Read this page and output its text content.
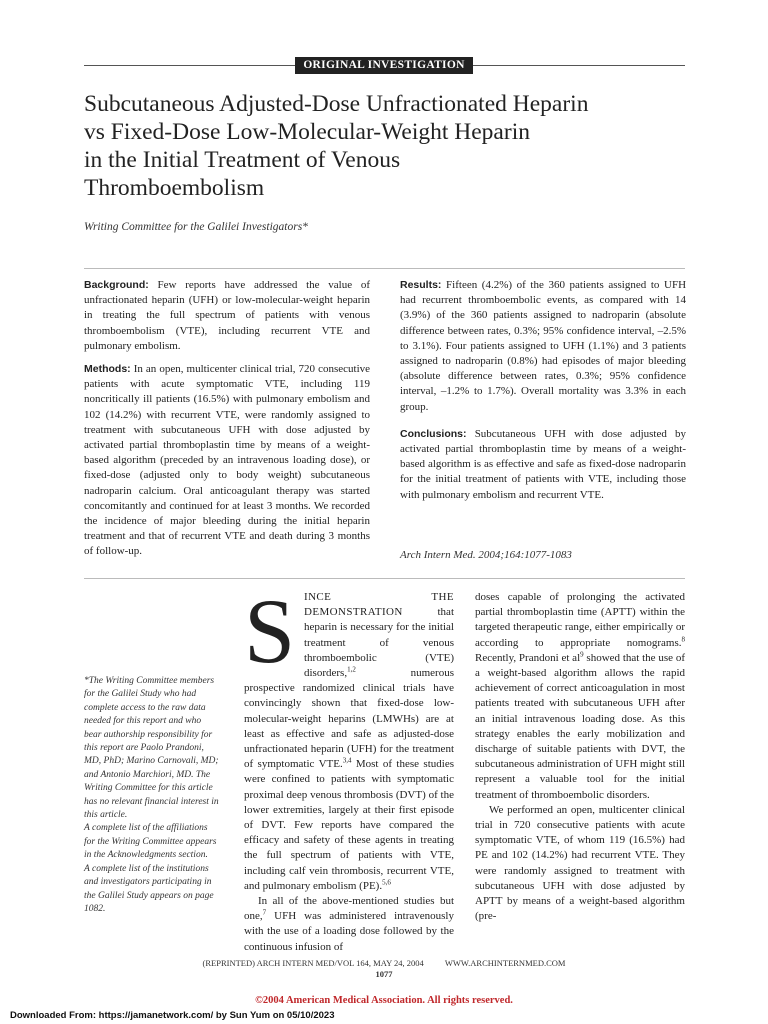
ORIGINAL INVESTIGATION
Subcutaneous Adjusted-Dose Unfractionated Heparin
vs Fixed-Dose Low-Molecular-Weight Heparin
in the Initial Treatment of Venous
Thromboembolism
Writing Committee for the Galilei Investigators*

Background: Few reports have addressed the value of unfractionated heparin (UFH) or low-molecular-weight heparin in treating the full spectrum of patients with venous thromboembolism (VTE), including recurrent VTE and pulmonary embolism.

Methods: In an open, multicenter clinical trial, 720 consecutive patients with acute symptomatic VTE, including 119 noncritically ill patients (16.5%) with pulmonary embolism and 102 (14.2%) with recurrent VTE, were randomly assigned to treatment with subcutaneous UFH with dose adjusted by activated partial thromboplastin time by means of a weight-based algorithm (preceded by an intravenous loading dose), or fixed-dose (adjusted only to body weight) subcutaneous nadroparin calcium. Oral anticoagulant therapy was started concomitantly and continued for at least 3 months. We recorded the incidence of major bleeding during the initial heparin treatment and that of recurrent VTE and death during 3 months of follow-up.

Results: Fifteen (4.2%) of the 360 patients assigned to UFH had recurrent thromboembolic events, as compared with 14 (3.9%) of the 360 patients assigned to nadroparin (absolute difference between rates, 0.3%; 95% confidence interval, –2.5% to 3.1%). Four patients assigned to UFH (1.1%) and 3 patients assigned to nadroparin (0.8%) had episodes of major bleeding (absolute difference between rates, 0.3%; 95% confidence interval, –1.2% to 1.7%). Overall mortality was 3.3% in each group.

Conclusions: Subcutaneous UFH with dose adjusted by activated partial thromboplastin time by means of a weight-based algorithm is as effective and safe as fixed-dose nadroparin for the initial treatment of patients with VTE, including those with pulmonary embolism and recurrent VTE.

Arch Intern Med. 2004;164:1077-1083
S INCE THE DEMONSTRATION	that heparin is necessary for the initial treatment of venous thromboembolic (VTE) disorders,$^{1,2}$ numerous prospective randomized clinical trials have convincingly shown that fixed-dose low-molecular-weight heparins (LMWHs) are at least as effective and safe as adjusted-dose unfractionated heparin (UFH) for the treatment of symptomatic VTE.$^{3,4}$ Most of these studies were confined to patients with symptomatic proximal deep venous thrombosis (DVT) of the lower extremities, largely at their first episode of DVT. Few reports have compared the efficacy and safety of these agents in treating the full spectrum of patients with VTE, including calf vein thrombosis, recurrent VTE, and pulmonary embolism (PE).$^{5,6}$

In all of the above-mentioned studies but one,$^7$ UFH was administered intravenously with the use of a loading dose followed by the continuous infusion of

doses capable of prolonging the activated partial thromboplastin time (APTT) within the targeted therapeutic range, either empirically or according to appropriate nomograms.$^8$ Recently, Prandoni et $al^9$ showed that the use of a weight-based algorithm allows the rapid achievement of correct anticoagulation in most patients treated with subcutaneous UFH after an initial intravenous loading dose. As this strategy enables the early mobilization and discharge of suitable patients with DVT, the subcutaneous administration of UFH might still represent a valuable tool for the initial treatment of thromboembolic disorders.

We performed an open, multicenter clinical trial in 720 consecutive patients with acute symptomatic VTE, of whom 119 (16.5%) had PE and 102 (14.2%) had recurrent VTE. They were randomly assigned to treatment with subcutaneous UFH with dose adjusted by APTT by means of a weight-based algorithm (pre-

*The Writing Committee members for the Galilei Study who had complete access to the raw data needed for this report and who bear authorship responsibility for this report are Paolo Prandoni, MD, PhD; Marino Carnovali, MD; and Antonio Marchiori, MD. The Writing Committee for this article has no relevant financial interest in this article.
A complete list of the affiliations for the Writing Committee appears in the Acknowledgments section.
A complete list of the institutions and investigators participating in the Galilei Study appears on page 1082.
(REPRINTED) ARCH INTERN MED/VOL 164, MAY 24, 2004          WWW.ARCHINTERNMED.COM
1077
©2004 American Medical Association. All rights reserved.
Downloaded From: https://jamanetwork.com/ by Sun Yum on 05/10/2023
